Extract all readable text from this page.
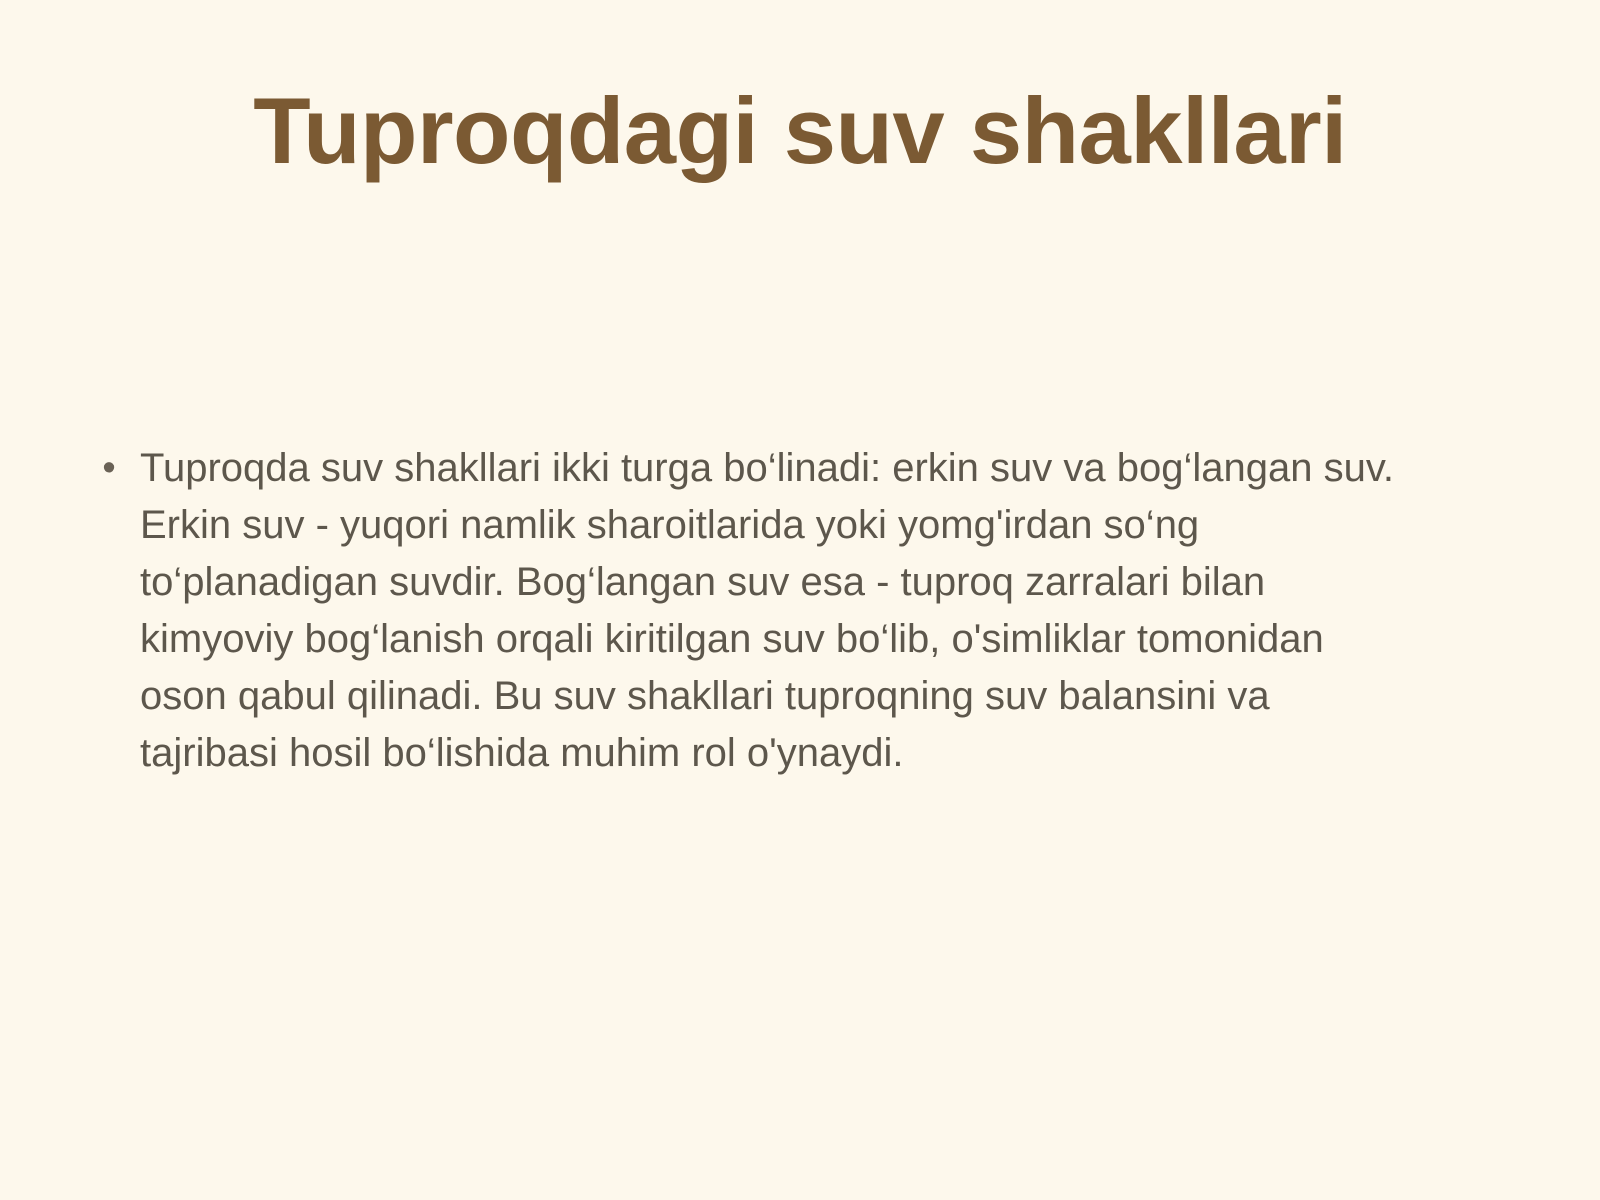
Tuproqdagi suv shakllari
• Tuproqda suv shakllari ikki turga bo‘linadi: erkin suv va bog‘langan suv. Erkin suv - yuqori namlik sharoitlarida yoki yomg'irdan so‘ng to‘planadigan suvdir. Bog‘langan suv esa - tuproq zarralari bilan kimyoviy bog‘lanish orqali kiritilgan suv bo‘lib, o'simliklar tomonidan oson qabul qilinadi. Bu suv shakllari tuproqning suv balansini va tajribasi hosil bo‘lishida muhim rol o'ynaydi.
